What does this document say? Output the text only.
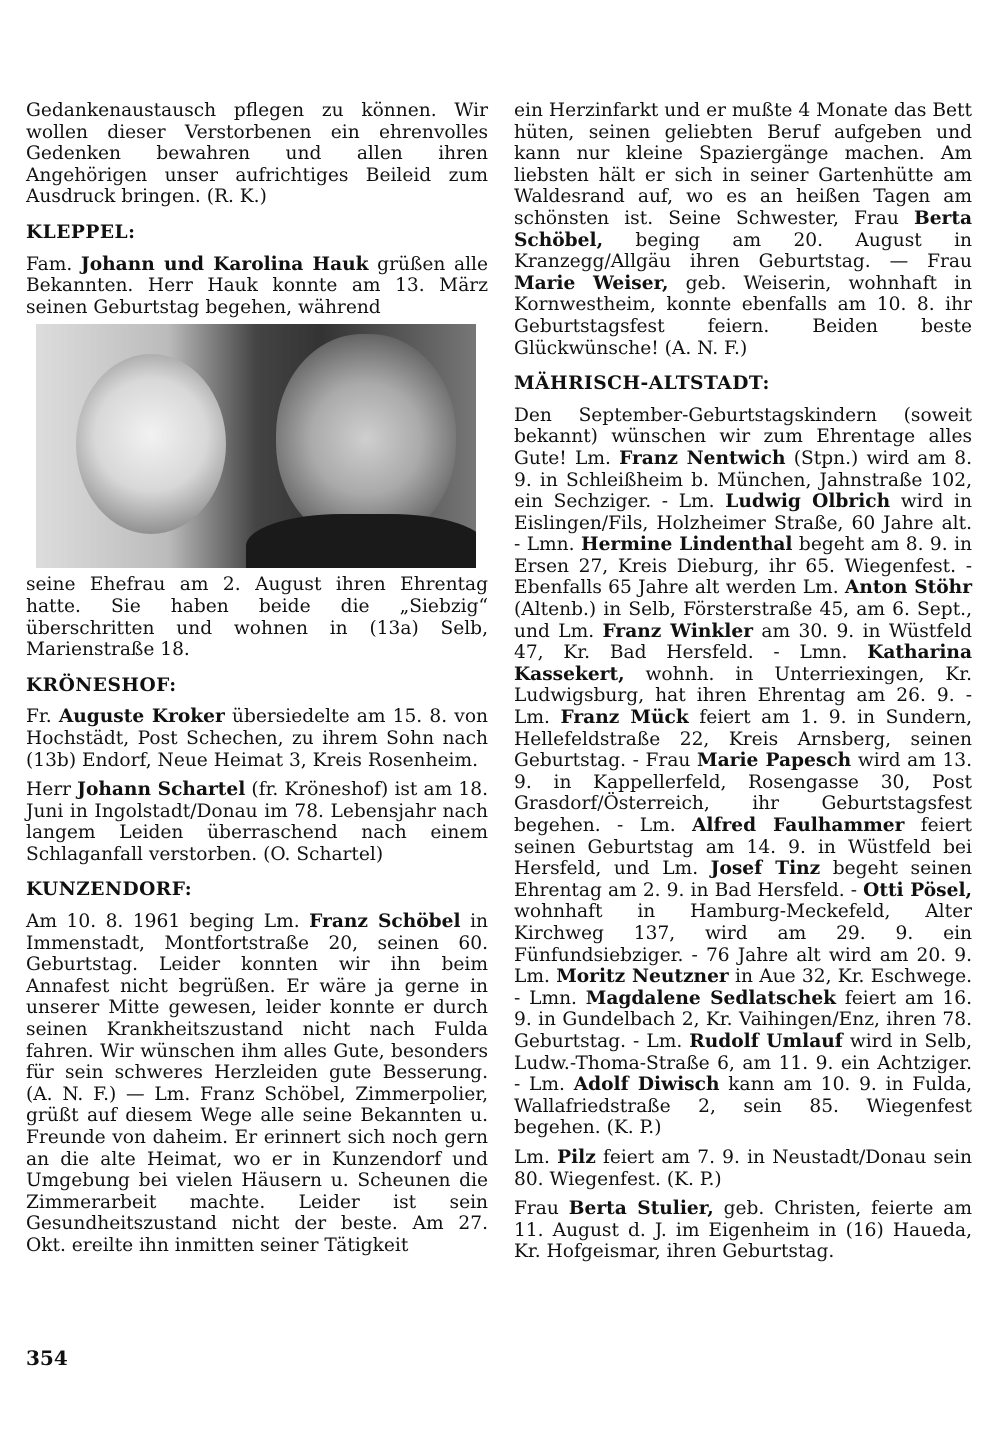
Gedankenaustausch pflegen zu können. Wir wollen dieser Verstorbenen ein ehrenvolles Gedenken bewahren und allen ihren Angehörigen unser aufrichtiges Beileid zum Ausdruck bringen. (R. K.)

KLEPPEL:

Fam. Johann und Karolina Hauk grüßen alle Bekannten. Herr Hauk konnte am 13. März seinen Geburtstag begehen, während

seine Ehefrau am 2. August ihren Ehrentag hatte. Sie haben beide die „Siebzig“ überschritten und wohnen in (13a) Selb, Marienstraße 18.

KRÖNESHOF:

Fr. Auguste Kroker übersiedelte am 15. 8. von Hochstädt, Post Schechen, zu ihrem Sohn nach (13b) Endorf, Neue Heimat 3, Kreis Rosenheim.

Herr Johann Schartel (fr. Kröneshof) ist am 18. Juni in Ingolstadt/Donau im 78. Lebensjahr nach langem Leiden überraschend nach einem Schlaganfall verstorben. (O. Schartel)

KUNZENDORF:

Am 10. 8. 1961 beging Lm. Franz Schöbel in Immenstadt, Montfortstraße 20, seinen 60. Geburtstag. Leider konnten wir ihn beim Annafest nicht begrüßen. Er wäre ja gerne in unserer Mitte gewesen, leider konnte er durch seinen Krankheitszustand nicht nach Fulda fahren. Wir wünschen ihm alles Gute, besonders für sein schweres Herzleiden gute Besserung. (A. N. F.) — Lm. Franz Schöbel, Zimmerpolier, grüßt auf diesem Wege alle seine Bekannten u. Freunde von daheim. Er erinnert sich noch gern an die alte Heimat, wo er in Kunzendorf und Umgebung bei vielen Häusern u. Scheunen die Zimmerarbeit machte. Leider ist sein Gesundheitszustand nicht der beste. Am 27. Okt. ereilte ihn inmitten seiner Tätigkeit

ein Herzinfarkt und er mußte 4 Monate das Bett hüten, seinen geliebten Beruf aufgeben und kann nur kleine Spaziergänge machen. Am liebsten hält er sich in seiner Gartenhütte am Waldesrand auf, wo es an heißen Tagen am schönsten ist. Seine Schwester, Frau Berta Schöbel, beging am 20. August in Kranzegg/Allgäu ihren Geburtstag. — Frau Marie Weiser, geb. Weiserin, wohnhaft in Kornwestheim, konnte ebenfalls am 10. 8. ihr Geburtstagsfest feiern. Beiden beste Glückwünsche! (A. N. F.)

MÄHRISCH-ALTSTADT:

Den September-Geburtstagskindern (soweit bekannt) wünschen wir zum Ehrentage alles Gute! Lm. Franz Nentwich (Stpn.) wird am 8. 9. in Schleißheim b. München, Jahnstraße 102, ein Sechziger. - Lm. Ludwig Olbrich wird in Eislingen/Fils, Holzheimer Straße, 60 Jahre alt. - Lmn. Hermine Lindenthal begeht am 8. 9. in Ersen 27, Kreis Dieburg, ihr 65. Wiegenfest. - Ebenfalls 65 Jahre alt werden Lm. Anton Stöhr (Altenb.) in Selb, Försterstraße 45, am 6. Sept., und Lm. Franz Winkler am 30. 9. in Wüstfeld 47, Kr. Bad Hersfeld. - Lmn. Katharina Kassekert, wohnh. in Unterriexingen, Kr. Ludwigsburg, hat ihren Ehrentag am 26. 9. - Lm. Franz Mück feiert am 1. 9. in Sundern, Hellefeldstraße 22, Kreis Arnsberg, seinen Geburtstag. - Frau Marie Papesch wird am 13. 9. in Kappellerfeld, Rosengasse 30, Post Grasdorf/Österreich, ihr Geburtstagsfest begehen. - Lm. Alfred Faulhammer feiert seinen Geburtstag am 14. 9. in Wüstfeld bei Hersfeld, und Lm. Josef Tinz begeht seinen Ehrentag am 2. 9. in Bad Hersfeld. - Otti Pösel, wohnhaft in Hamburg-Meckefeld, Alter Kirchweg 137, wird am 29. 9. ein Fünfundsiebziger. - 76 Jahre alt wird am 20. 9. Lm. Moritz Neutzner in Aue 32, Kr. Eschwege. - Lmn. Magdalene Sedlatschek feiert am 16. 9. in Gundelbach 2, Kr. Vaihingen/Enz, ihren 78. Geburtstag. - Lm. Rudolf Umlauf wird in Selb, Ludw.-Thoma-Straße 6, am 11. 9. ein Achtziger. - Lm. Adolf Diwisch kann am 10. 9. in Fulda, Wallafriedstraße 2, sein 85. Wiegenfest begehen. (K. P.)

Lm. Pilz feiert am 7. 9. in Neustadt/Donau sein 80. Wiegenfest. (K. P.)

Frau Berta Stulier, geb. Christen, feierte am 11. August d. J. im Eigenheim in (16) Haueda, Kr. Hofgeismar, ihren Geburtstag.

354
